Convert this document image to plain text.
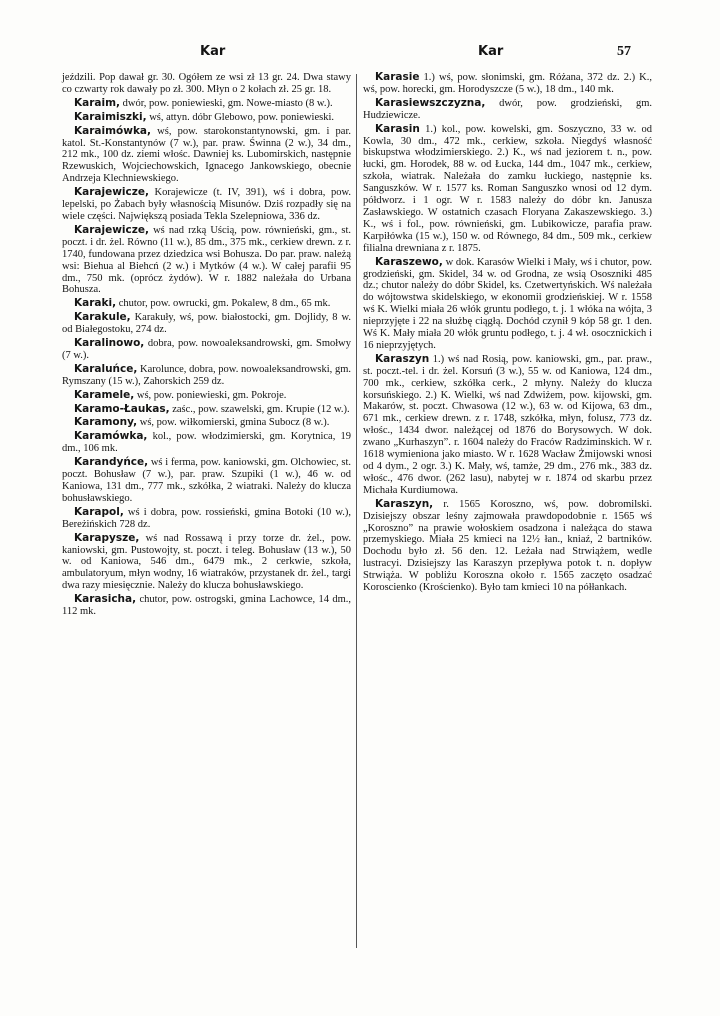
Kar	Kar	57

jeździli. Pop dawał gr. 30. Ogółem ze wsi zł 13 gr. 24. Dwa stawy co czwarty rok dawały po zł. 300. Młyn o 2 kołach zł. 25 gr. 18.

Karaim, dwór, pow. poniewieski, gm. Nowe-miasto (8 w.).

Karaimiszki, wś, attyn. dóbr Glebowo, pow. poniewieski.

Karaimówka, wś, pow. starokonstantynowski, gm. i par. katol. St.-Konstantynów (7 w.), par. praw. Świnna (2 w.), 34 dm., 212 mk., 100 dz. ziemi włośc. Dawniej ks. Lubomirskich, następnie Rzewuskich, Wojciechowskich, Ignacego Jankowskiego, obecnie Andrzeja Klechniewskiego.

Karajewicze, Korajewicze (t. IV, 391), wś i dobra, pow. lepelski, po Żabach były własnością Misunów. Dziś rozpadły się na wiele części. Największą posiada Tekla Szelepniowa, 336 dz.

Karajewicze, wś nad rzką Uścią, pow. równieński, gm., st. poczt. i dr. żel. Równo (11 w.), 85 dm., 375 mk., cerkiew drewn. z r. 1740, fundowana przez dziedzica wsi Bohusza. Do par. praw. należą wsi: Biehua al Biehcń (2 w.) i Mytków (4 w.). W całej parafii 95 dm., 750 mk. (oprócz żydów). W r. 1882 należała do Urbana Bohusza.

Karaki, chutor, pow. owrucki, gm. Pokalew, 8 dm., 65 mk.

Karakule, Karakuły, wś, pow. białostocki, gm. Dojlidy, 8 w. od Białegostoku, 274 dz.

Karalinowo, dobra, pow. nowoaleksandrowski, gm. Smołwy (7 w.).

Karaluńce, Karolunce, dobra, pow. nowoaleksandrowski, gm. Rymszany (15 w.), Zahorskich 259 dz.

Karamele, wś, pow. poniewieski, gm. Pokroje.

Karamo-Łaukas, zaśc., pow. szawelski, gm. Krupie (12 w.).

Karamony, wś, pow. wiłkomierski, gmina Subocz (8 w.).

Karamówka, kol., pow. włodzimierski, gm. Korytnica, 19 dm., 106 mk.

Karandyńce, wś i ferma, pow. kaniowski, gm. Olchowiec, st. poczt. Bohusław (7 w.), par. praw. Szupiki (1 w.), 46 w. od Kaniowa, 131 dm., 777 mk., szkółka, 2 wiatraki. Należy do klucza bohusławskiego.

Karapol, wś i dobra, pow. rossieński, gmina Botoki (10 w.), Bereżińskich 728 dz.

Karapysze, wś nad Rossawą i przy torze dr. żel., pow. kaniowski, gm. Pustowojty, st. poczt. i teleg. Bohusław (13 w.), 50 w. od Kaniowa, 546 dm., 6479 mk., 2 cerkwie, szkoła, ambulatoryum, młyn wodny, 16 wiatraków, przystanek dr. żel., targi dwa razy miesięcznie. Należy do klucza bohusławskiego.

Karasicha, chutor, pow. ostrogski, gmina Lachowce, 14 dm., 112 mk.

Karasie 1.) wś, pow. słonimski, gm. Różana, 372 dz. 2.) K., wś, pow. horecki, gm. Horodyszcze (5 w.), 18 dm., 140 mk.

Karasiewszczyzna, dwór, pow. grodzieński, gm. Hudziewicze.

Karasin 1.) kol., pow. kowelski, gm. Soszyczno, 33 w. od Kowla, 30 dm., 472 mk., cerkiew, szkoła. Niegdyś własność biskupstwa włodzimierskiego. 2.) K., wś nad jeziorem t. n., pow. łucki, gm. Horodek, 88 w. od Łucka, 144 dm., 1047 mk., cerkiew, szkoła, wiatrak. Należała do zamku łuckiego, następnie ks. Sanguszków. W r. 1577 ks. Roman Sanguszko wnosi od 12 dym. półdworz. i 1 ogr. W r. 1583 należy do dóbr kn. Janusza Zasławskiego. W ostatnich czasach Floryana Zakaszewskiego. 3.) K., wś i fol., pow. równieński, gm. Lubikowicze, parafia praw. Karpiłówka (15 w.), 150 w. od Równego, 84 dm., 509 mk., cerkiew filialna drewniana z r. 1875.

Karaszewo, w dok. Karasów Wielki i Mały, wś i chutor, pow. grodzieński, gm. Skidel, 34 w. od Grodna, ze wsią Ososzniki 485 dz.; chutor należy do dóbr Skidel, ks. Czetwertyńskich. Wś należała do wójtowstwa skidelskiego, w ekonomii grodzieńskiej. W r. 1558 wś K. Wielki miała 26 włók gruntu podłego, t. j. 1 włóka na wójta, 3 nieprzyjęte i 22 na służbę ciągłą. Dochód czynił 9 kóp 58 gr. 1 den. Wś K. Mały miała 20 włók gruntu podłego, t. j. 4 wł. osocznickich i 16 nieprzyjętych.

Karaszyn 1.) wś nad Rosią, pow. kaniowski, gm., par. praw., st. poczt.-tel. i dr. żel. Korsuń (3 w.), 55 w. od Kaniowa, 124 dm., 700 mk., cerkiew, szkółka cerk., 2 młyny. Należy do klucza korsuńskiego. 2.) K. Wielki, wś nad Zdwiżem, pow. kijowski, gm. Makarów, st. poczt. Chwasowa (12 w.), 63 w. od Kijowa, 63 dm., 671 mk., cerkiew drewn. z r. 1748, szkółka, młyn, folusz, 773 dz. włośc., 1434 dwor. należącej od 1876 do Borysowych. W dok. zwano „Kurhaszyn”. r. 1604 należy do Fraców Radziminskich. W r. 1618 wymieniona jako miasto. W r. 1628 Wacław Żmijowski wnosi od 4 dym., 2 ogr. 3.) K. Mały, wś, tamże, 29 dm., 276 mk., 383 dz. włośc., 476 dwor. (262 lasu), nabytej w r. 1874 od skarbu przez Michała Kurdiumowa.

Karaszyn, r. 1565 Koroszno, wś, pow. dobromilski. Dzisiejszy obszar leśny zajmowała prawdopodobnie r. 1565 wś „Koroszno” na prawie wołoskiem osadzona i należąca do stawa przemyskiego. Miała 25 kmieci na 12½ łan., kniaź, 2 bartników. Dochodu było zł. 56 den. 12. Leżała nad Strwiążem, wedle lustracyi. Dzisiejszy las Karaszyn przepływa potok t. n. dopływ Strwiąża. W pobliżu Koroszna około r. 1565 zaczęto osadzać Koroscienko (Krościenko). Było tam kmieci 10 na półłankach.
